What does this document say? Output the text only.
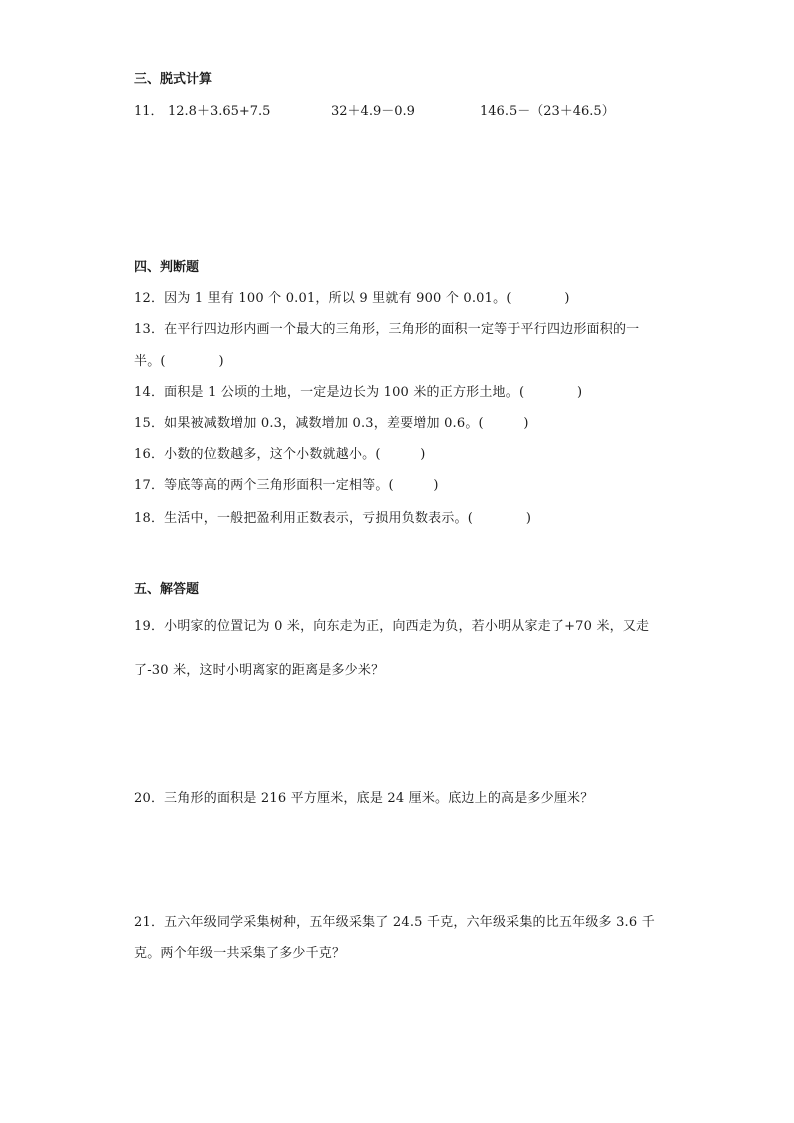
三、脱式计算
11． 12.8＋3.65+7.5	32＋4.9－0.9	146.5－（23＋46.5）
四、判断题
12．因为 1 里有 100 个 0.01，所以 9 里就有 900 个 0.01。(　　　　)
13．在平行四边形内画一个最大的三角形，三角形的面积一定等于平行四边形面积的一
半。(　　　　)
14．面积是 1 公顷的土地，一定是边长为 100 米的正方形土地。(　　　　)
15．如果被减数增加 0.3，减数增加 0.3，差要增加 0.6。(　　　)
16．小数的位数越多，这个小数就越小。(　　　)
17．等底等高的两个三角形面积一定相等。(　　　)
18．生活中，一般把盈利用正数表示，亏损用负数表示。(　　　　)
五、解答题
19．小明家的位置记为 0 米，向东走为正，向西走为负，若小明从家走了+70 米，又走
了-30 米，这时小明离家的距离是多少米？
20．三角形的面积是 216 平方厘米，底是 24 厘米。底边上的高是多少厘米？
21．五六年级同学采集树种，五年级采集了 24.5 千克，六年级采集的比五年级多 3.6 千
克。两个年级一共采集了多少千克？
